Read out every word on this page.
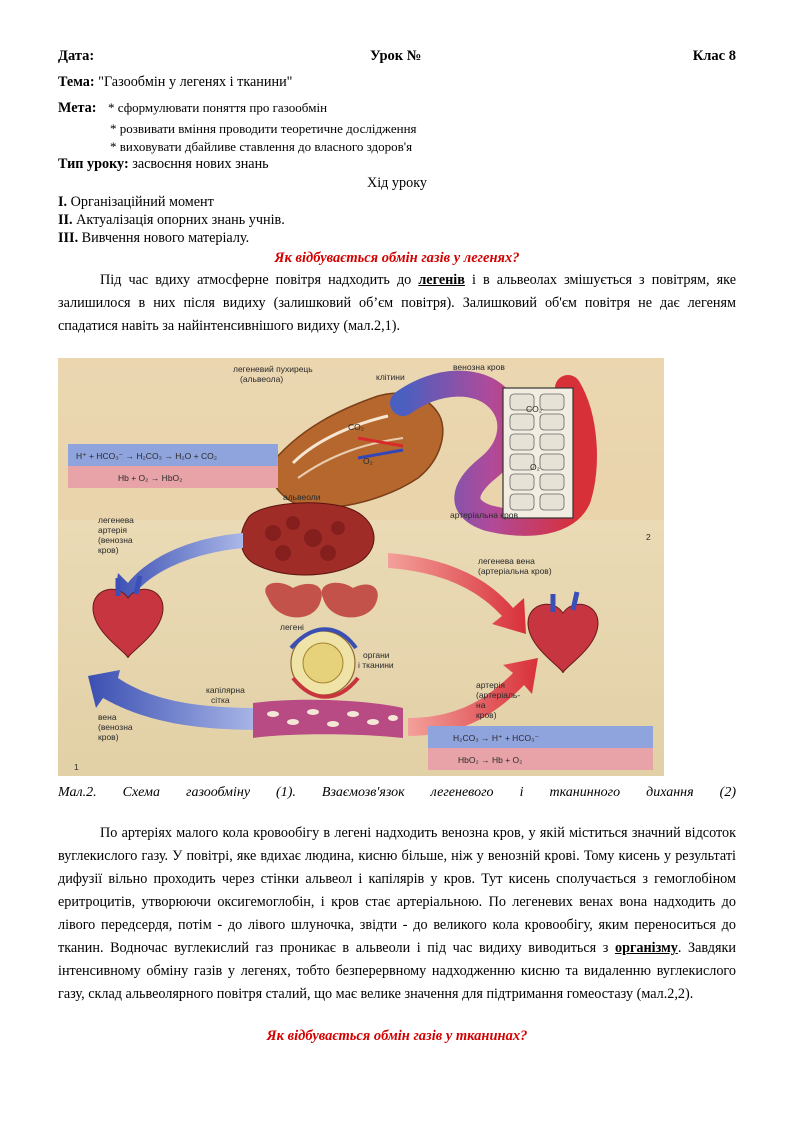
Дата:	Урок №	Клас 8
Тема: "Газообмін у легенях і тканини"
Мета: * сформулювати поняття про газообмін
* розвивати вміння проводити теоретичне дослідження
* виховувати дбайливе ставлення до власного здоров'я
Тип уроку: засвоєння нових знань
Хід уроку
I. Організаційний момент
II. Актуалізація опорних знань учнів.
III. Вивчення нового матеріалу.
Як відбувається обмін газів у легенях?
Під час вдиху атмосферне повітря надходить до легенів і в альвеолах змішується з повітрям, яке залишилося в них після видиху (залишковий об’єм повітря). Залишковий об'єм повітря не дає легеням спадатися навіть за найінтенсивнішого видиху (мал.2,1).
По артеріях малого кола кровообігу в легені надходить венозна кров, у якій міститься значний відсоток вуглекислого газу. У повітрі, яке вдихає людина, кисню більше, ніж у венозній крові. Тому кисень у результаті дифузії вільно проходить через стінки альвеол і капілярів у кров. Тут кисень сполучається з гемоглобіном еритроцитів, утворюючи оксигемоглобін, і кров стає артеріальною. По легеневих венах вона надходить до лівого передсердя, потім - до лівого шлуночка, звідти - до великого кола кровообігу, яким переноситься до тканин. Водночас вуглекислий газ проникає в альвеоли і під час видиху виводиться з організму. Завдяки інтенсивному обміну газів у легенях, тобто безперервному надходженню кисню та видаленню вуглекислого газу, склад альвеолярного повітря сталий, що має велике значення для підтримання гомеостазу (мал.2,2).
Як відбувається обмін газів у тканинах?
H⁺ + HCO₃⁻ → H₂CO₃ → H₂O + CO₂
Hb + O₂ → HbO₂
H₂CO₃ → H⁺ + HCO₃⁻
HbO₂ → Hb + O₂
легеневий пухирець
(альвеола)	клітини
венозна кров
артеріальна кров
CO₂
O₂
CO₂
O₂
альвеоли
легенева
артерія
(венозна
кров)
легенева вена
(артеріальна кров)
легені
органи
і тканини
капілярна
сітка
артерія
(артеріаль-
на
кров)
вена
(венозна
кров)
1
2
Мал.2. Схема газообміну (1). Взаємозв'язок легеневого і тканинного дихання (2)
